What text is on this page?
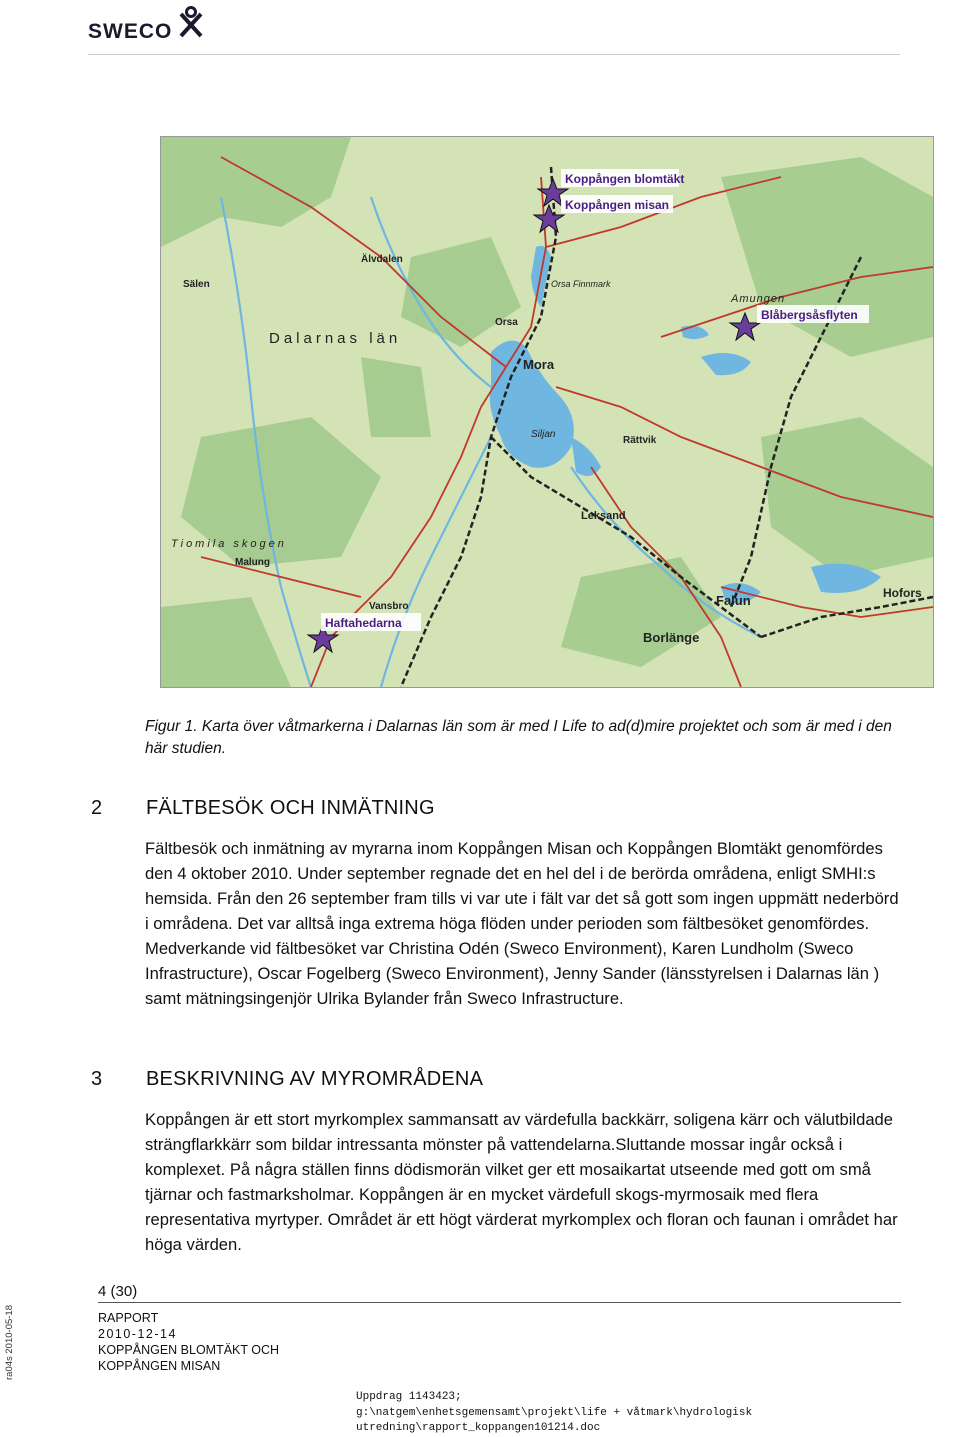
SWECO
Dalarnas län
Mora
Orsa
Rättvik
Leksand
Falun
Borlänge
Malung
Älvdalen
Sälen
Vansbro
Hofors
Orsa Finnmark
Amungen
Tiomila skogen
Siljan
Koppången blomtäkt
Koppången misan
Blåbergsåsflyten
Haftahedarna
Figur 1. Karta över våtmarkerna i Dalarnas län som är med I Life to ad(d)mire projektet och som är med i den här studien.
2 FÄLTBESÖK OCH INMÄTNING
Fältbesök och inmätning av myrarna inom Koppången Misan och Koppången Blomtäkt genomfördes den 4 oktober 2010. Under september regnade det en hel del i de berörda områdena, enligt SMHI:s hemsida. Från den 26 september fram tills vi var ute i fält var det så gott som ingen uppmätt nederbörd i områdena. Det var alltså inga extrema höga flöden under perioden som fältbesöket genomfördes. Medverkande vid fältbesöket var Christina Odén (Sweco Environment), Karen Lundholm (Sweco Infrastructure), Oscar Fogelberg (Sweco Environment), Jenny Sander (länsstyrelsen i Dalarnas län ) samt mätningsingenjör Ulrika Bylander från Sweco Infrastructure.
3 BESKRIVNING AV MYROMRÅDENA
Koppången är ett stort myrkomplex sammansatt av värdefulla backkärr, soligena kärr och välutbildade strängflarkkärr som bildar intressanta mönster på vattendelarna.Sluttande mossar ingår också i komplexet. På några ställen finns dödismorän vilket ger ett mosaikartat utseende med gott om små tjärnar och fastmarksholmar. Koppången är en mycket värdefull skogs-myrmosaik med flera representativa myrtyper. Området är ett högt värderat myrkomplex och floran och faunan i området har höga värden.
4 (30)
RAPPORT
2010-12-14
KOPPÅNGEN BLOMTÄKT OCH
KOPPÅNGEN MISAN
Uppdrag 1143423;
g:\natgem\enhetsgemensamt\projekt\life + våtmark\hydrologisk
utredning\rapport_koppangen101214.doc
ra04s 2010-05-18
